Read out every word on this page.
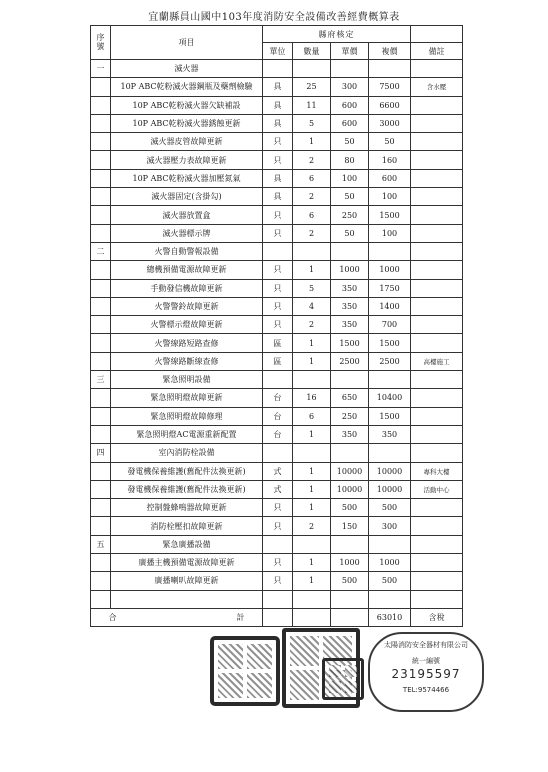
宜蘭縣員山國中103年度消防安全設備改善經費概算表
序號	項目	縣府核定				
		單位	數量	單價	複價	備註
一	滅火器					
	10P ABC乾粉滅火器鋼瓶及藥劑檢驗	具	25	300	7500	含水壓
	10P ABC乾粉滅火器欠缺補設	具	11	600	6600	
	10P ABC乾粉滅火器銹蝕更新	具	5	600	3000	
	滅火器皮管故障更新	只	1	50	50	
	滅火器壓力表故障更新	只	2	80	160	
	10P ABC乾粉滅火器加壓氮氣	具	6	100	600	
	滅火器固定(含掛勾)	具	2	50	100	
	滅火器放置盒	只	6	250	1500	
	滅火器標示牌	只	2	50	100	
二	火警自動警報設備					
	總機預備電源故障更新	只	1	1000	1000	
	手動發信機故障更新	只	5	350	1750	
	火警警鈴故障更新	只	4	350	1400	
	火警標示燈故障更新	只	2	350	700	
	火警線路短路查修	區	1	1500	1500	
	火警線路斷線查修	區	1	2500	2500	高樓施工
三	緊急照明設備					
	緊急照明燈故障更新	台	16	650	10400	
	緊急照明燈故障修理	台	6	250	1500	
	緊急照明燈AC電源重新配置	台	1	350	350	
四	室內消防栓設備					
	發電機保養維護(舊配件汰換更新)	式	1	10000	10000	專科大樓
	發電機保養維護(舊配件汰換更新)	式	1	10000	10000	活動中心
	控制盤蜂鳴器故障更新	只	1	500	500	
	消防栓壓扣故障更新	只	2	150	300	
五	緊急廣播設備					
	廣播主機預備電源故障更新	只	1	1000	1000	
	廣播喇叭故障更新	只	1	500	500	

合 計					63010	含稅
太陽消防安全器材有限公司
統一編號
23195597
TEL:9574466
